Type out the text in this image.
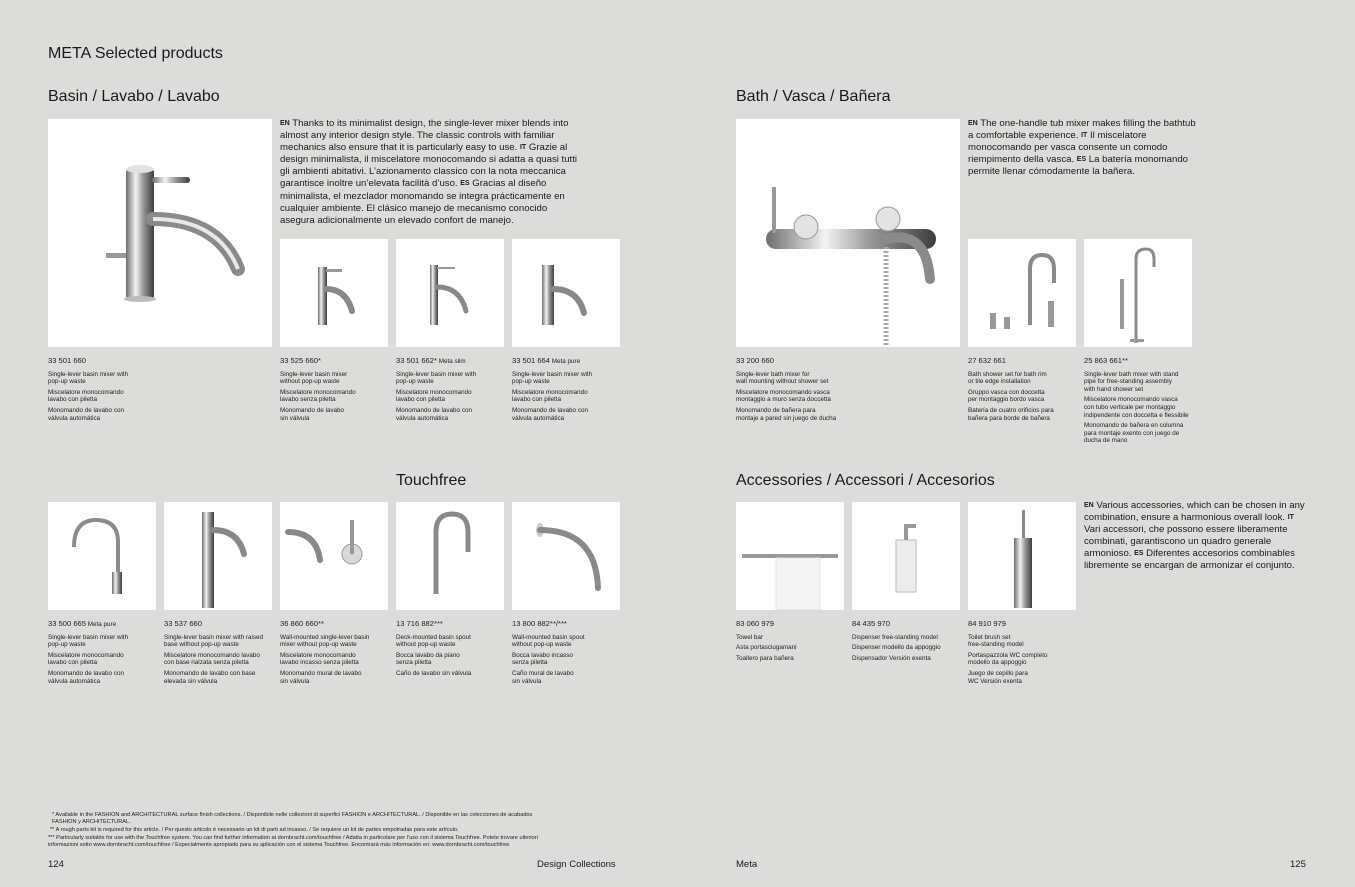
META Selected products
Basin / Lavabo / Lavabo
EN Thanks to its minimalist design, the single-lever mixer blends into almost any interior design style. The classic controls with familiar mechanics also ensure that it is particularly easy to use. IT Grazie al design minimalista, il miscelatore monocomando si adatta a quasi tutti gli ambienti abitativi. L’azionamento classico con la nota meccanica garantisce inoltre un’elevata facilità d’uso. ES Gracias al diseño minimalista, el mezclador monomando se integra prácticamente en cualquier ambiente. El clásico manejo de mecanismo conocido asegura adicionalmente un elevado confort de manejo.
33 501 660

Single-lever basin mixer with
pop-up waste

Miscelatore monocomando
lavabo con piletta

Monomando de lavabo con
válvula automática

33 525 660*

Single-lever basin mixer
without pop-up waste

Miscelatore monocomando
lavabo senza piletta

Monomando de lavabo
sin válvula

33 501 662* Meta slim

Single-lever basin mixer with
pop-up waste

Miscelatore monocomando
lavabo con piletta

Monomando de lavabo con
válvula automática

33 501 664 Meta pure

Single-lever basin mixer with
pop-up waste

Miscelatore monocomando
lavabo con piletta

Monomando de lavabo con
válvula automática

Touchfree
33 500 665 Meta pure

Single-lever basin mixer with
pop-up waste

Miscelatore monocomando
lavabo con piletta

Monomando de lavabo con
válvula automática

33 537 660

Single-lever basin mixer with raised
base without pop-up waste

Miscelatore monocomando lavabo
con base rialzata senza piletta

Monomando de lavabo con base
elevada sin válvula

36 860 660**

Wall-mounted single-lever basin
mixer without pop-up waste

Miscelatore monocomando
lavabo incasso senza piletta

Monomando mural de lavabo
sin válvula

13 716 882***

Deck-mounted basin spout
without pop-up waste

Bocca lavabo da piano
senza piletta

Caño de lavabo sin válvula

13 800 882**/***

Wall-mounted basin spout
without pop-up waste

Bocca lavabo incasso
senza piletta

Caño mural de lavabo
sin válvula

* Available in the FASHION and ARCHITECTURAL surface finish collections. / Disponibile nelle collezioni di superfici FASHION e ARCHITECTURAL. / Disponible en las colecciones de acabados
FASHION y ARCHITECTURAL.
** A rough parts kit is required for this article. / Per questo articolo è necessario un kit di parti ad incasso. / Se requiere un kit de partes empotradas para este artículo.
*** Particularly suitable for use with the Touchfree system. You can find further information at dornbracht.com/touchfree / Adatta in particolare per l’uso con il sistema Touchfree. Potete trovare ulteriori
informazioni sotto www.dornbracht.com/touchfree / Especialmente apropiado para su aplicación con el sistema Touchfree. Encontrará más información en: www.dornbracht.com/touchfree
124	Design Collections
Bath / Vasca / Bañera
EN The one-handle tub mixer makes filling the bathtub a comfortable experience. IT Il miscelatore monocomando per vasca consente un comodo riempimento della vasca. ES La batería monomando permite llenar cómodamente la bañera.
33 200 660

Single-lever bath mixer for
wall mounting without shower set

Miscelatore monocomando vasca
montaggio a muro senza doccetta

Monomando de bañera para
montaje a pared sin juego de ducha

27 632 661

Bath shower set for bath rim
or tile edge installation

Gruppo vasca con doccetta
per montaggio bordo vasca

Batería de cuatro orificios para
bañera para borde de bañera

25 863 661**

Single-lever bath mixer with stand
pipe for free-standing assembly
with hand shower set

Miscelatore monocomando vasca
con tubo verticale per montaggio
indipendente con doccetta e flessibile

Monomando de bañera en columna
para montaje exento con juego de
ducha de mano

Accessories / Accessori / Accesorios
EN Various accessories, which can be chosen in any combination, ensure a harmonious overall look. IT Vari accessori, che possono essere liberamente combinati, garantiscono un quadro generale armonioso. ES Diferentes accesorios combinables libremente se encargan de armonizar el conjunto.
83 060 979

Towel bar

Asta portasciugamani

Toallero para bañera

84 435 970

Dispenser free-standing model

Dispenser modello da appoggio

Dispensador Versión exenta

84 910 979

Toilet brush set
free-standing model

Portaspazzola WC completo
modello da appoggio

Juego de cepillo para
WC Versión exenta

Meta	125
